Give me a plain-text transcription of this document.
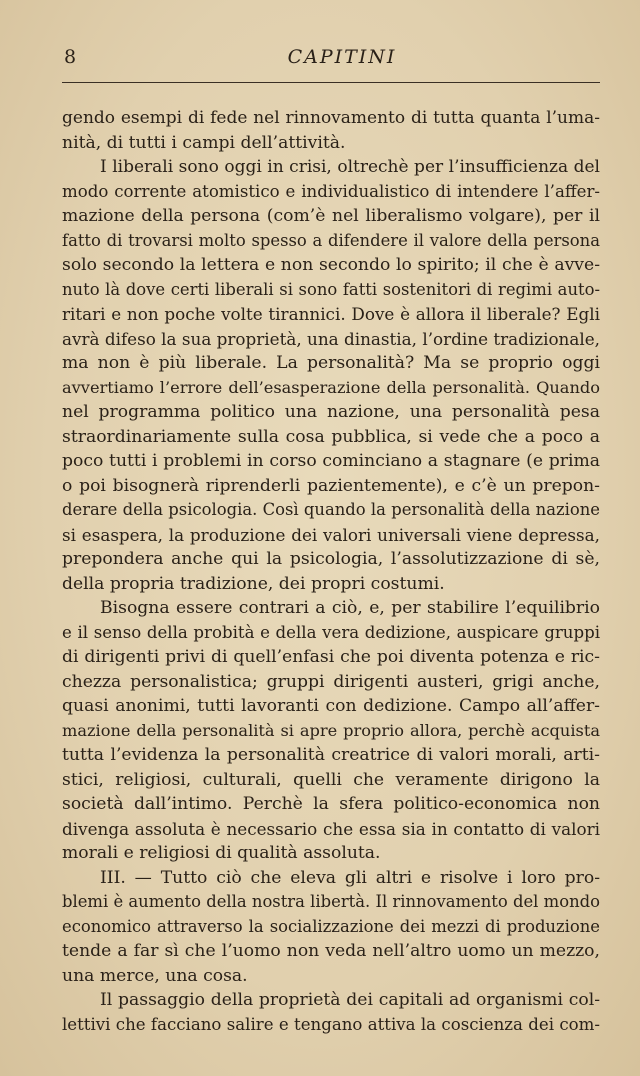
8	CAPITINI
gendo esempi di fede nel rinnovamento di tutta quanta l’uma-
nità, di tutti i campi dell’attività.
I liberali sono oggi in crisi, oltrechè per l’insufficienza del
modo corrente atomistico e individualistico di intendere l’affer-
mazione della persona (com’è nel liberalismo volgare), per il
fatto di trovarsi molto spesso a difendere il valore della persona
solo secondo la lettera e non secondo lo spirito; il che è avve-
nuto là dove certi liberali si sono fatti sostenitori di regimi auto-
ritari e non poche volte tirannici. Dove è allora il liberale? Egli
avrà difeso la sua proprietà, una dinastia, l’ordine tradizionale,
ma non è più liberale. La personalità? Ma se proprio oggi
avvertiamo l’errore dell’esasperazione della personalità. Quando
nel programma politico una nazione, una personalità pesa
straordinariamente sulla cosa pubblica, si vede che a poco a
poco tutti i problemi in corso cominciano a stagnare (e prima
o poi bisognerà riprenderli pazientemente), e c’è un prepon-
derare della psicologia. Così quando la personalità della nazione
si esaspera, la produzione dei valori universali viene depressa,
prepondera anche qui la psicologia, l’assolutizzazione di sè,
della propria tradizione, dei propri costumi.
Bisogna essere contrari a ciò, e, per stabilire l’equilibrio
e il senso della probità e della vera dedizione, auspicare gruppi
di dirigenti privi di quell’enfasi che poi diventa potenza e ric-
chezza personalistica; gruppi dirigenti austeri, grigi anche,
quasi anonimi, tutti lavoranti con dedizione. Campo all’affer-
mazione della personalità si apre proprio allora, perchè acquista
tutta l’evidenza la personalità creatrice di valori morali, arti-
stici, religiosi, culturali, quelli che veramente dirigono la
società dall’intimo. Perchè la sfera politico-economica non
divenga assoluta è necessario che essa sia in contatto di valori
morali e religiosi di qualità assoluta.
III. — Tutto ciò che eleva gli altri e risolve i loro pro-
blemi è aumento della nostra libertà. Il rinnovamento del mondo
economico attraverso la socializzazione dei mezzi di produzione
tende a far sì che l’uomo non veda nell’altro uomo un mezzo,
una merce, una cosa.
Il passaggio della proprietà dei capitali ad organismi col-
lettivi che facciano salire e tengano attiva la coscienza dei com-
